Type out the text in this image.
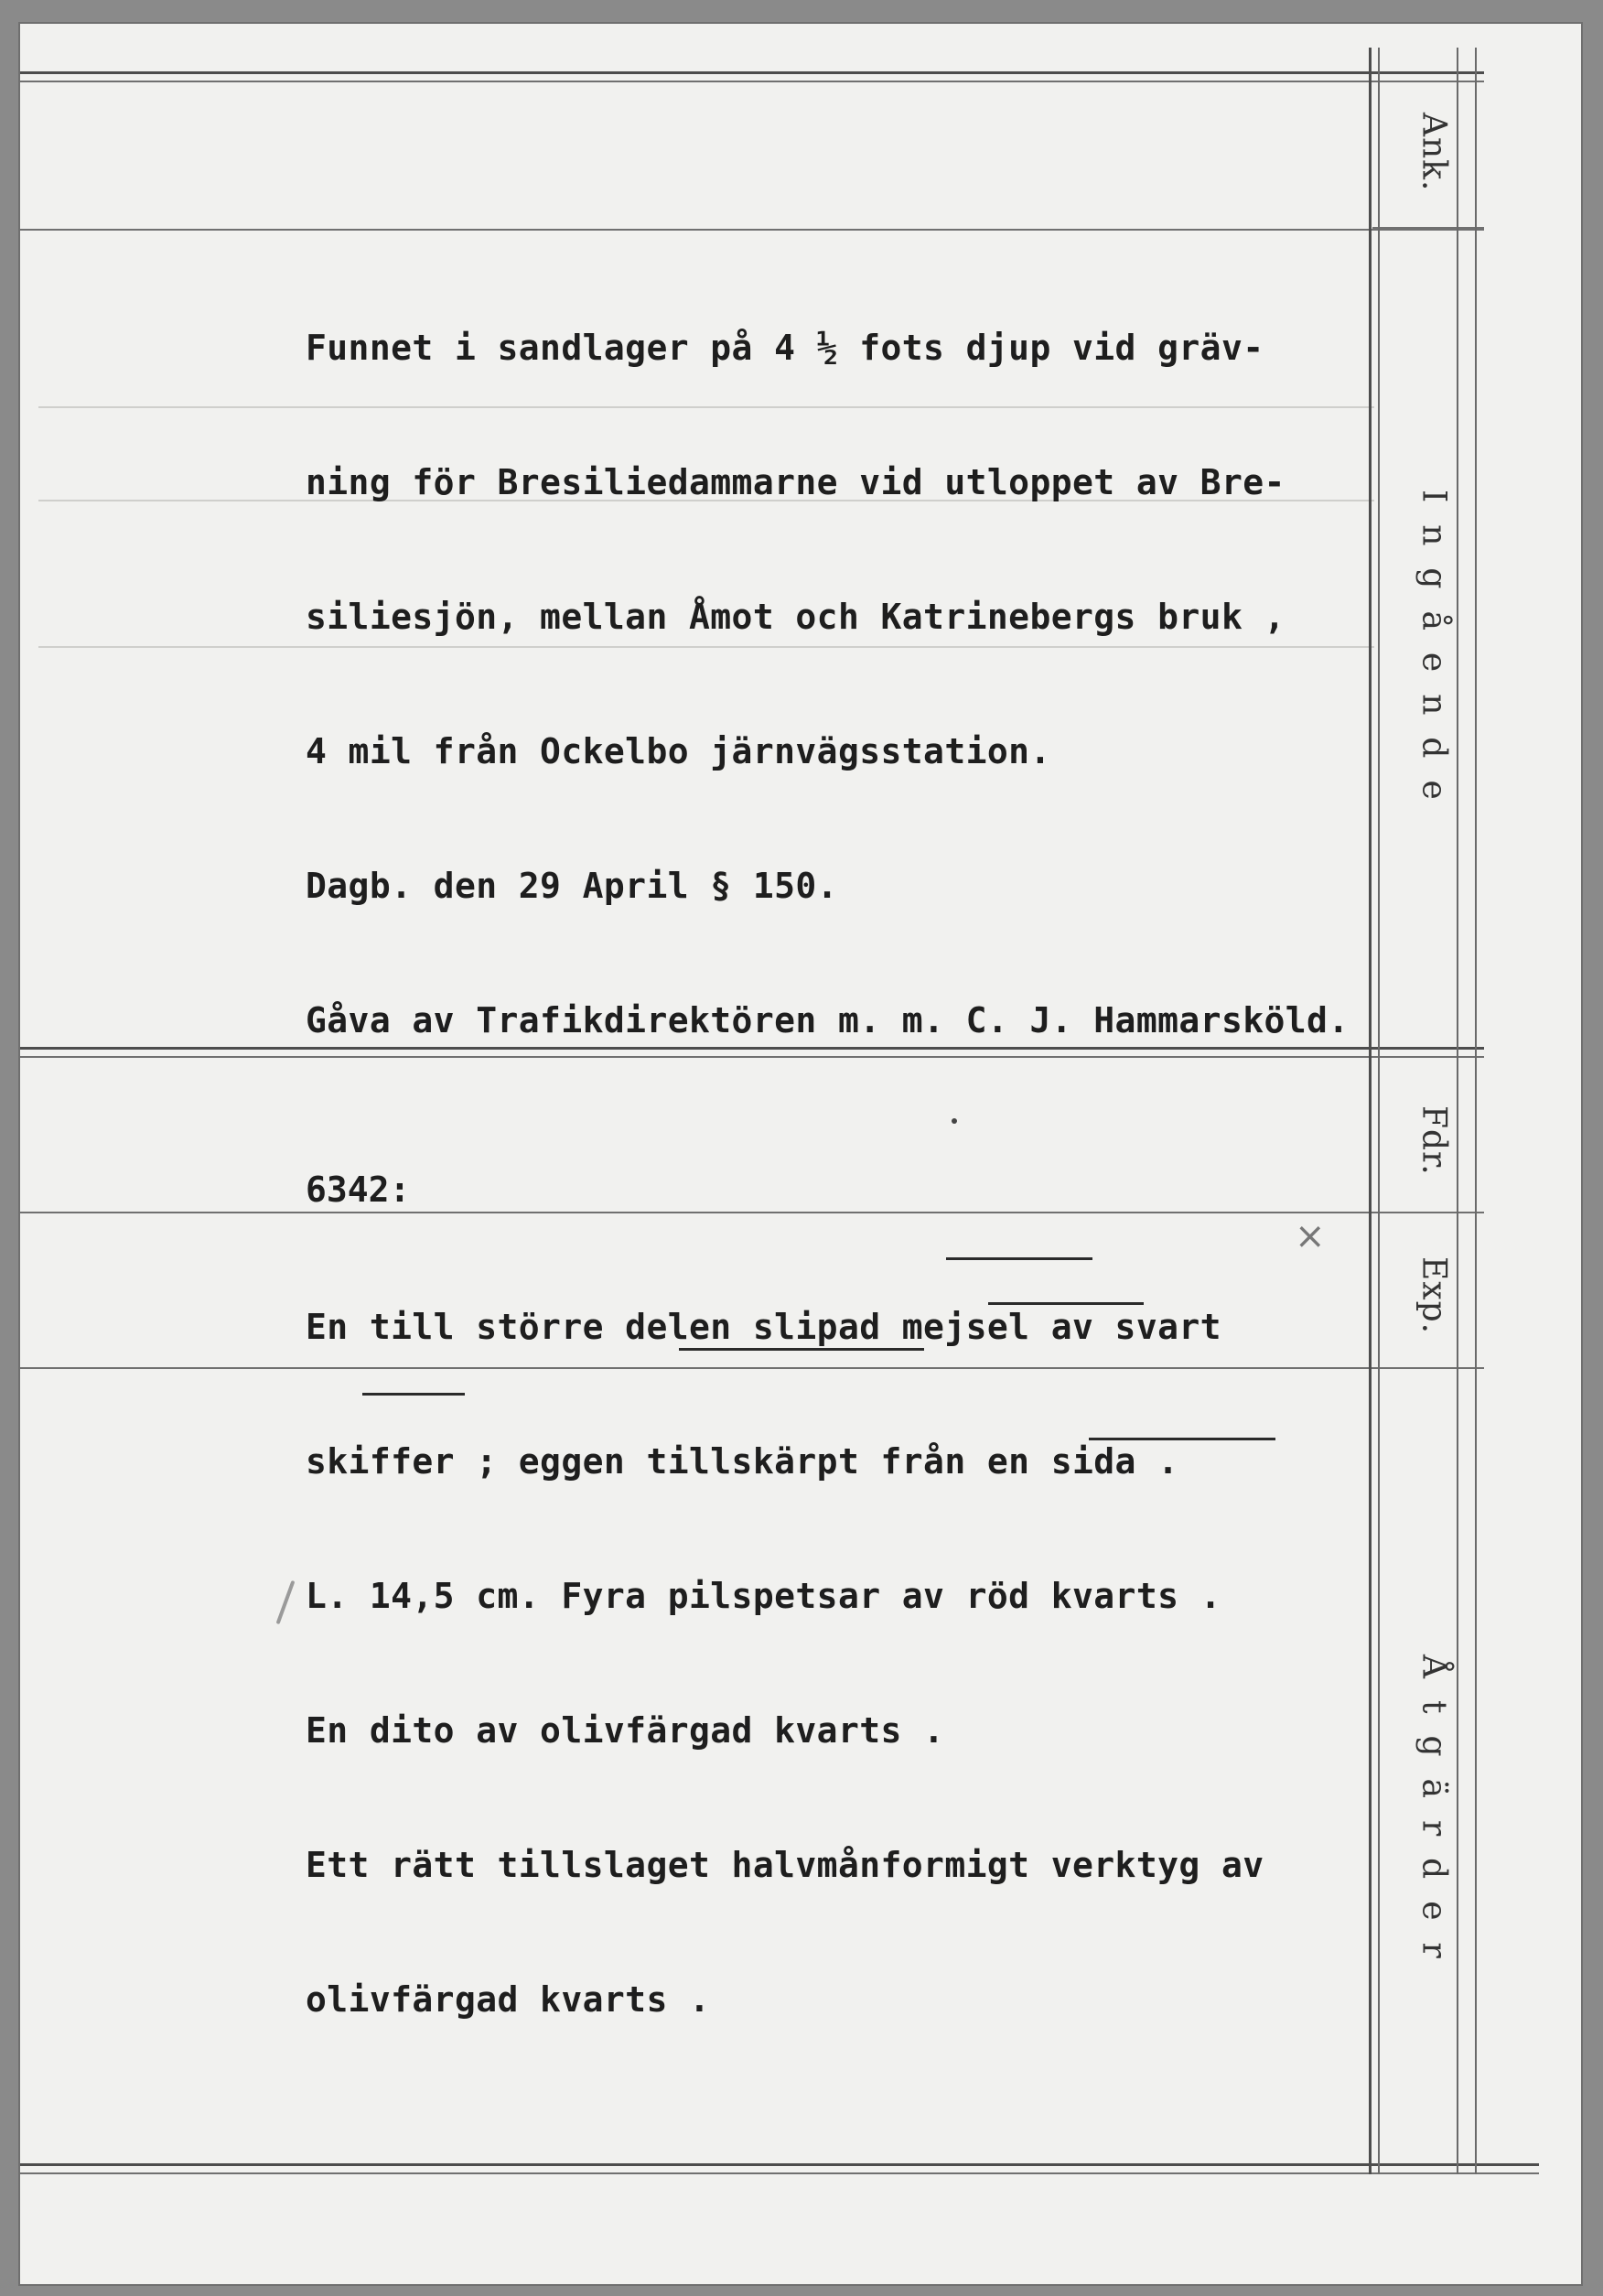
Ank.
Ingående
Fdr.
Exp.
Åtgärder

Funnet i sandlager på 4 ½ fots djup vid gräv-

ning för Bresiliedammarne vid utloppet av Bre-

siliesjön, mellan Åmot och Katrinebergs bruk ,

4 mil från Ockelbo järnvägsstation.

Dagb. den 29 April § 150.

Gåva av Trafikdirektören m. m. C. J. Hammarsköld.

6342:

En till större delen slipad mejsel av svart

skiffer ; eggen tillskärpt från en sida .

L. 14,5 cm. Fyra pilspetsar av röd kvarts .

En dito av olivfärgad kvarts .

Ett rätt tillslaget halvmånformigt verktyg av

olivfärgad kvarts .

×
